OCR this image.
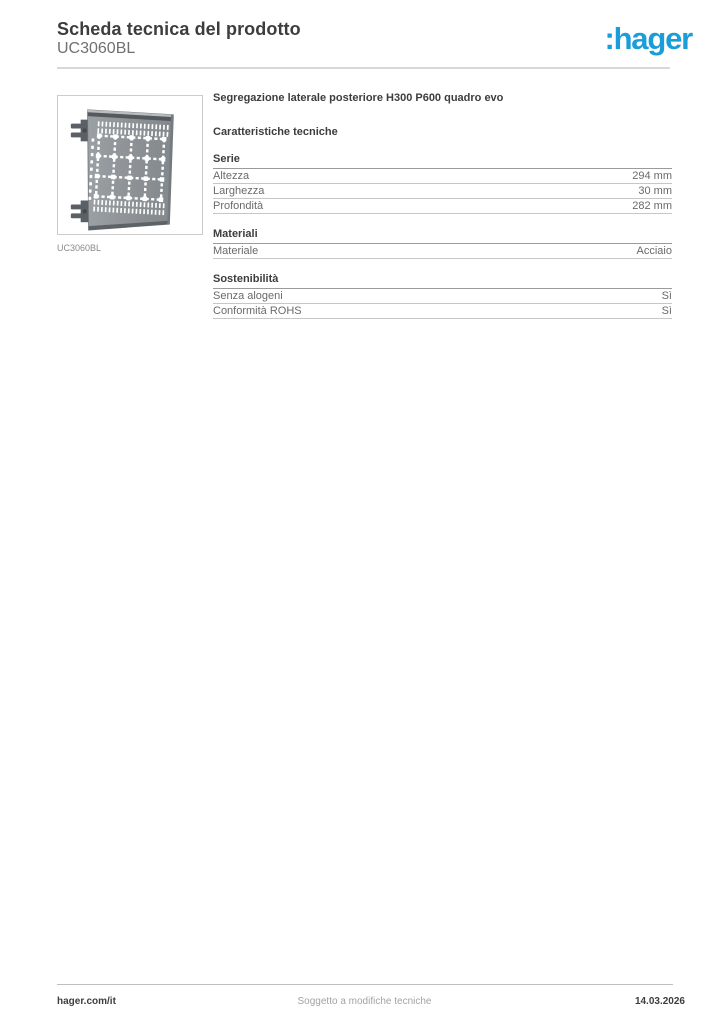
Scheda tecnica del prodotto
UC3060BL	:hager
UC3060BL
Segregazione laterale posteriore H300 P600 quadro evo
Caratteristiche tecniche
Serie
Altezza	294 mm
Larghezza	30 mm
Profondità	282 mm
Materiali
Materiale	Acciaio
Sostenibilità
Senza alogeni	Sì
Conformità ROHS	Sì
hager.com/it	Soggetto a modifiche tecniche	14.03.2026
